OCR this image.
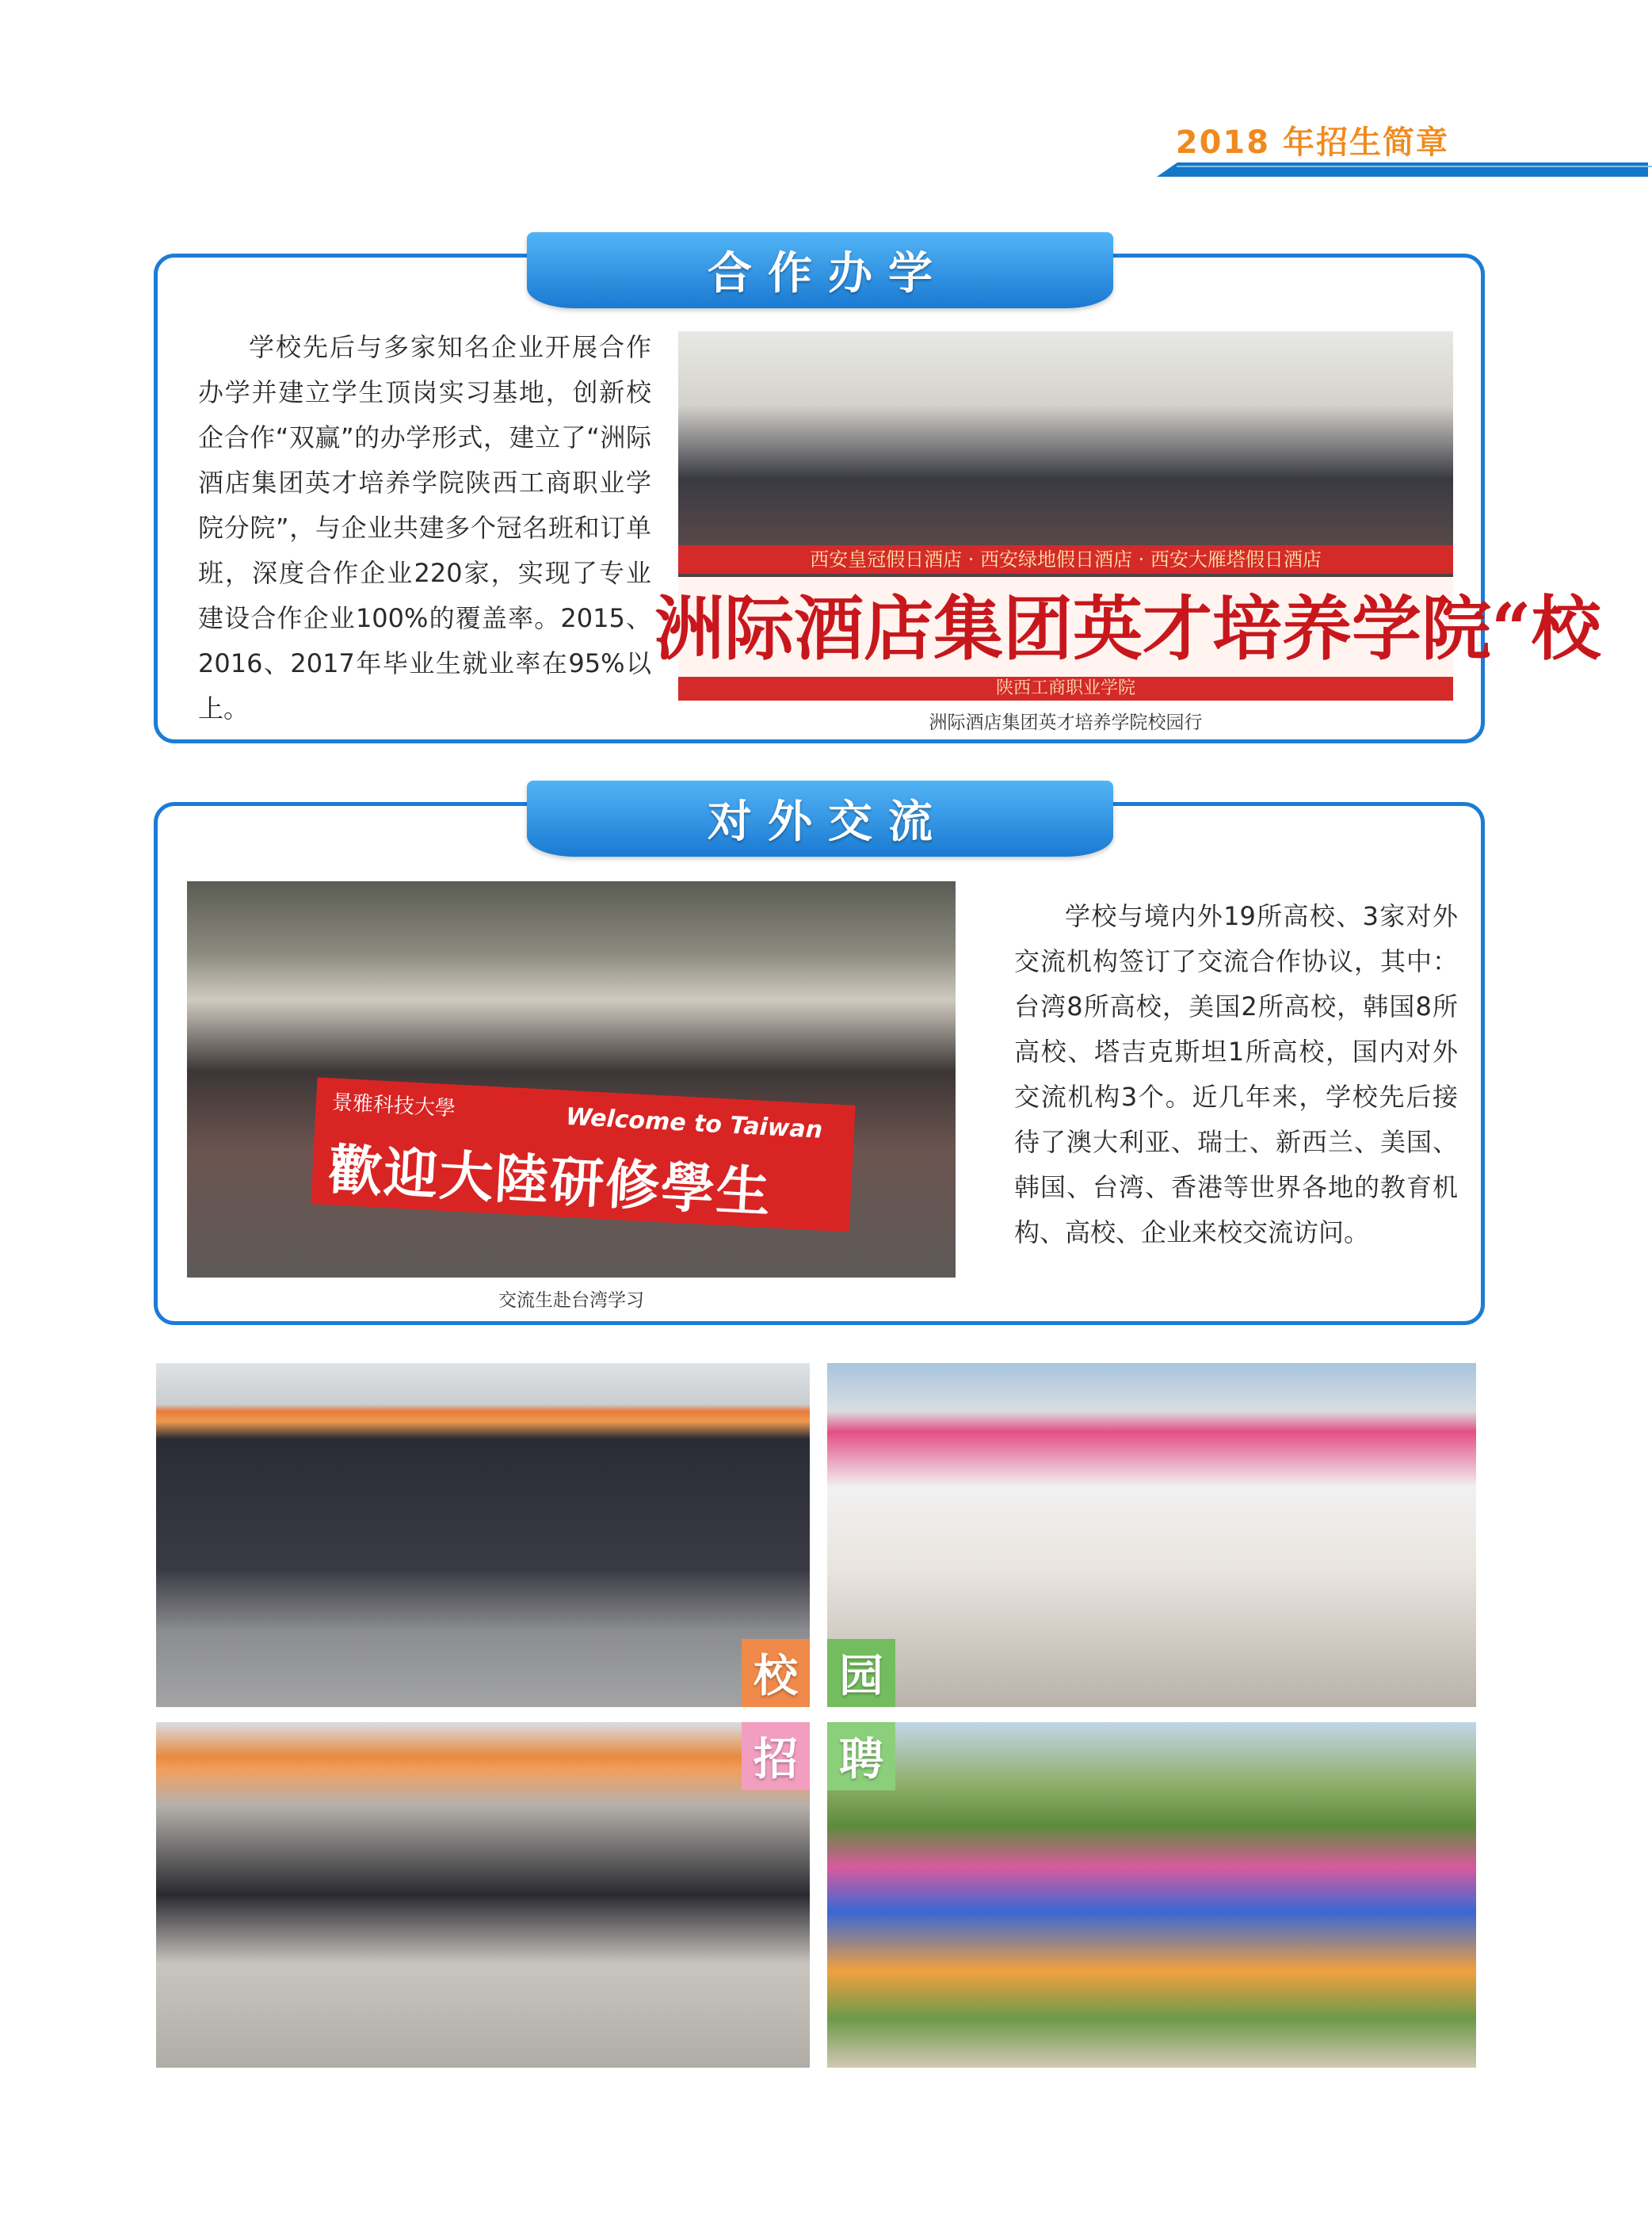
2018 年招生简章
合作办学

学校先后与多家知名企业开展合作办学并建立学生顶岗实习基地，创新校企合作“双赢”的办学形式，建立了“洲际酒店集团英才培养学院陕西工商职业学院分院”，与企业共建多个冠名班和订单班，深度合作企业220家，实现了专业建设合作企业100%的覆盖率。2015、2016、2017年毕业生就业率在95%以上。

西安皇冠假日酒店 · 西安绿地假日酒店 · 西安大雁塔假日酒店
洲际酒店集团英才培养学院“校
陕西工商职业学院
洲际酒店集团英才培养学院校园行
对外交流
景雅科技大學	Welcome to Taiwan
歡迎大陸研修學生
交流生赴台湾学习

学校与境内外19所高校、3家对外交流机构签订了交流合作协议，其中：台湾8所高校，美国2所高校，韩国8所高校、塔吉克斯坦1所高校，国内对外交流机构3个。近几年来，学校先后接待了澳大利亚、瑞士、新西兰、美国、韩国、台湾、香港等世界各地的教育机构、高校、企业来校交流访问。

校 园
招 聘
